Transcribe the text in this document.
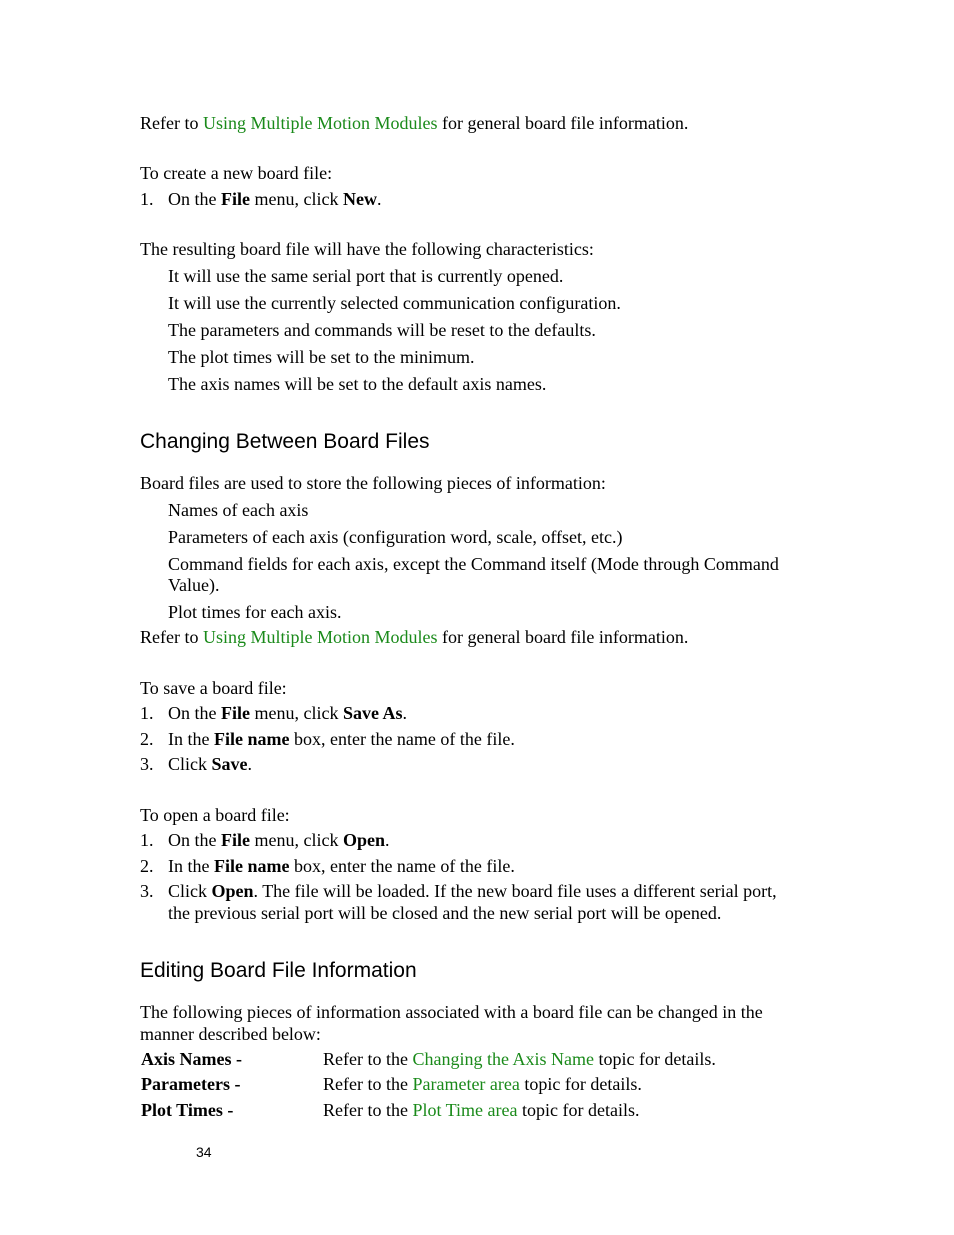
Refer to Using Multiple Motion Modules for general board file information.
To create a new board file:
1. On the File menu, click New.
The resulting board file will have the following characteristics:
It will use the same serial port that is currently opened.
It will use the currently selected communication configuration.
The parameters and commands will be reset to the defaults.
The plot times will be set to the minimum.
The axis names will be set to the default axis names.
Changing Between Board Files
Board files are used to store the following pieces of information:
Names of each axis
Parameters of each axis (configuration word, scale, offset, etc.)
Command fields for each axis, except the Command itself (Mode through Command
Value).
Plot times for each axis.
Refer to Using Multiple Motion Modules for general board file information.
To save a board file:
1. On the File menu, click Save As.
2. In the File name box, enter the name of the file.
3. Click Save.
To open a board file:
1. On the File menu, click Open.
2. In the File name box, enter the name of the file.
3. Click Open. The file will be loaded. If the new board file uses a different serial port,
the previous serial port will be closed and the new serial port will be opened.
Editing Board File Information
The following pieces of information associated with a board file can be changed in the
manner described below:
Axis Names -	Refer to the Changing the Axis Name topic for details.
Parameters -	Refer to the Parameter area topic for details.
Plot Times -	Refer to the Plot Time area topic for details.
34
